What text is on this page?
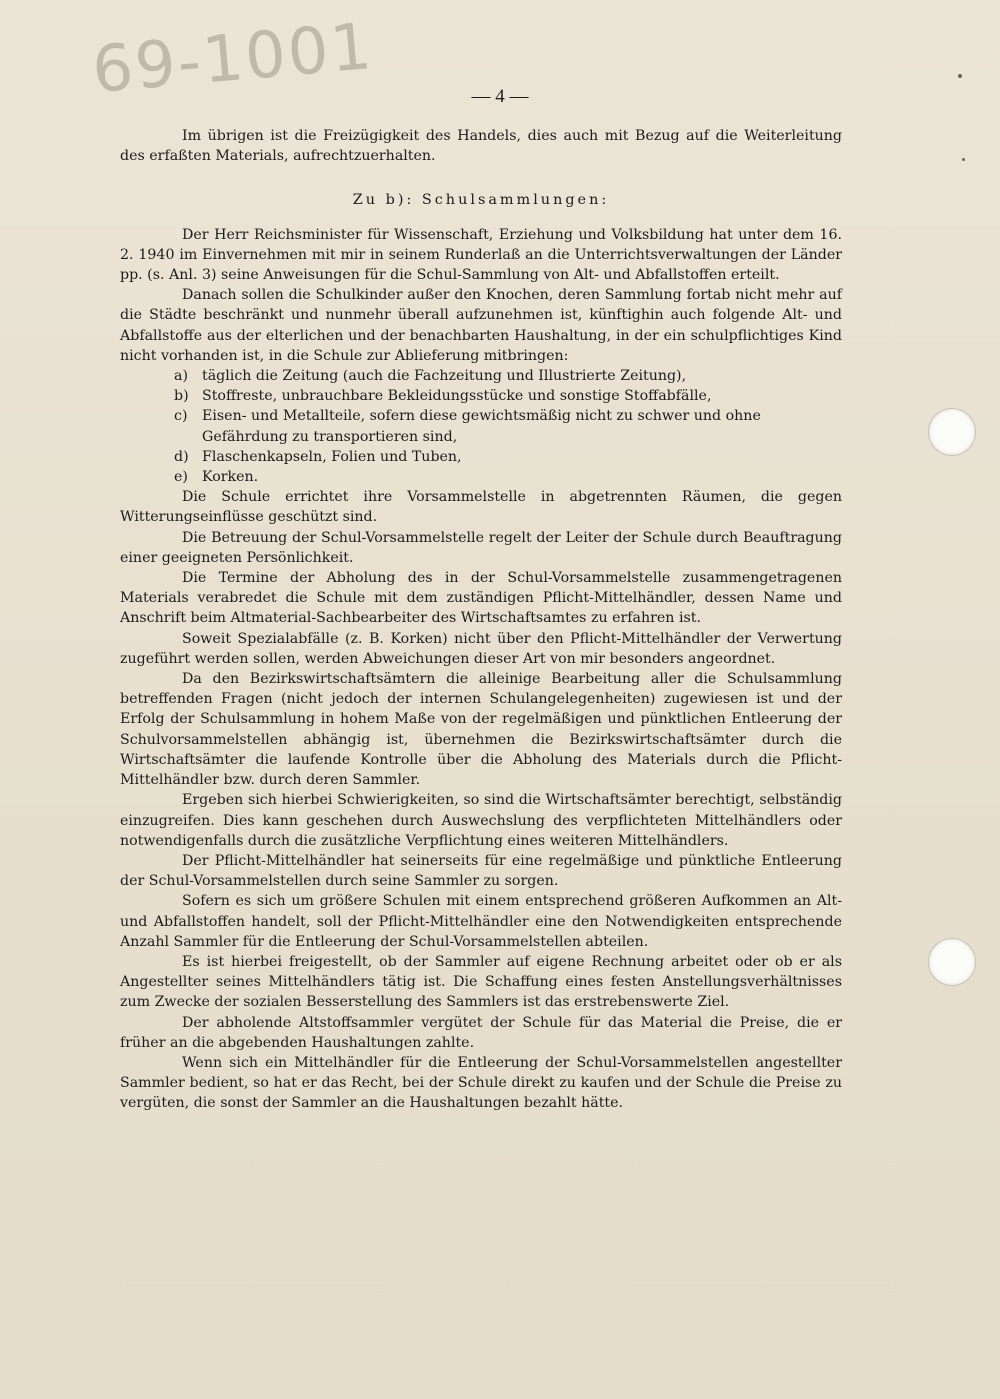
69-1001	— 4 —

Im übrigen ist die Freizügigkeit des Handels, dies auch mit Bezug auf die Weiterleitung des erfaßten Materials, aufrechtzuerhalten.

Zu b): Schulsammlungen:

Der Herr Reichsminister für Wissenschaft, Erziehung und Volksbildung hat unter dem 16. 2. 1940 im Einvernehmen mit mir in seinem Runderlaß an die Unterrichtsverwaltungen der Länder pp. (s. Anl. 3) seine Anweisungen für die Schul-Sammlung von Alt- und Abfallstoffen erteilt.

Danach sollen die Schulkinder außer den Knochen, deren Sammlung fortab nicht mehr auf die Städte beschränkt und nunmehr überall aufzunehmen ist, künftighin auch folgende Alt- und Abfallstoffe aus der elterlichen und der benachbarten Haushaltung, in der ein schulpflichtiges Kind nicht vorhanden ist, in die Schule zur Ablieferung mitbringen:

a) täglich die Zeitung (auch die Fachzeitung und Illustrierte Zeitung),
b) Stoffreste, unbrauchbare Bekleidungsstücke und sonstige Stoffabfälle,
c) Eisen- und Metallteile, sofern diese gewichtsmäßig nicht zu schwer und ohne Gefährdung zu transportieren sind,
d) Flaschenkapseln, Folien und Tuben,
e) Korken.

Die Schule errichtet ihre Vorsammelstelle in abgetrennten Räumen, die gegen Witterungseinflüsse geschützt sind.

Die Betreuung der Schul-Vorsammelstelle regelt der Leiter der Schule durch Beauftragung einer geeigneten Persönlichkeit.

Die Termine der Abholung des in der Schul-Vorsammelstelle zusammengetragenen Materials verabredet die Schule mit dem zuständigen Pflicht-Mittelhändler, dessen Name und Anschrift beim Altmaterial-Sachbearbeiter des Wirtschaftsamtes zu erfahren ist.

Soweit Spezialabfälle (z. B. Korken) nicht über den Pflicht-Mittelhändler der Verwertung zugeführt werden sollen, werden Abweichungen dieser Art von mir besonders angeordnet.

Da den Bezirkswirtschaftsämtern die alleinige Bearbeitung aller die Schulsammlung betreffenden Fragen (nicht jedoch der internen Schulangelegenheiten) zugewiesen ist und der Erfolg der Schulsammlung in hohem Maße von der regelmäßigen und pünktlichen Entleerung der Schulvorsammelstellen abhängig ist, übernehmen die Bezirkswirtschaftsämter durch die Wirtschaftsämter die laufende Kontrolle über die Abholung des Materials durch die Pflicht-Mittelhändler bzw. durch deren Sammler.

Ergeben sich hierbei Schwierigkeiten, so sind die Wirtschaftsämter berechtigt, selbständig einzugreifen. Dies kann geschehen durch Auswechslung des verpflichteten Mittelhändlers oder notwendigenfalls durch die zusätzliche Verpflichtung eines weiteren Mittelhändlers.

Der Pflicht-Mittelhändler hat seinerseits für eine regelmäßige und pünktliche Entleerung der Schul-Vorsammelstellen durch seine Sammler zu sorgen.

Sofern es sich um größere Schulen mit einem entsprechend größeren Aufkommen an Alt- und Abfallstoffen handelt, soll der Pflicht-Mittelhändler eine den Notwendigkeiten entsprechende Anzahl Sammler für die Entleerung der Schul-Vorsammelstellen abteilen.

Es ist hierbei freigestellt, ob der Sammler auf eigene Rechnung arbeitet oder ob er als Angestellter seines Mittelhändlers tätig ist. Die Schaffung eines festen Anstellungsverhältnisses zum Zwecke der sozialen Besserstellung des Sammlers ist das erstrebenswerte Ziel.

Der abholende Altstoffsammler vergütet der Schule für das Material die Preise, die er früher an die abgebenden Haushaltungen zahlte.

Wenn sich ein Mittelhändler für die Entleerung der Schul-Vorsammelstellen angestellter Sammler bedient, so hat er das Recht, bei der Schule direkt zu kaufen und der Schule die Preise zu vergüten, die sonst der Sammler an die Haushaltungen bezahlt hätte.
